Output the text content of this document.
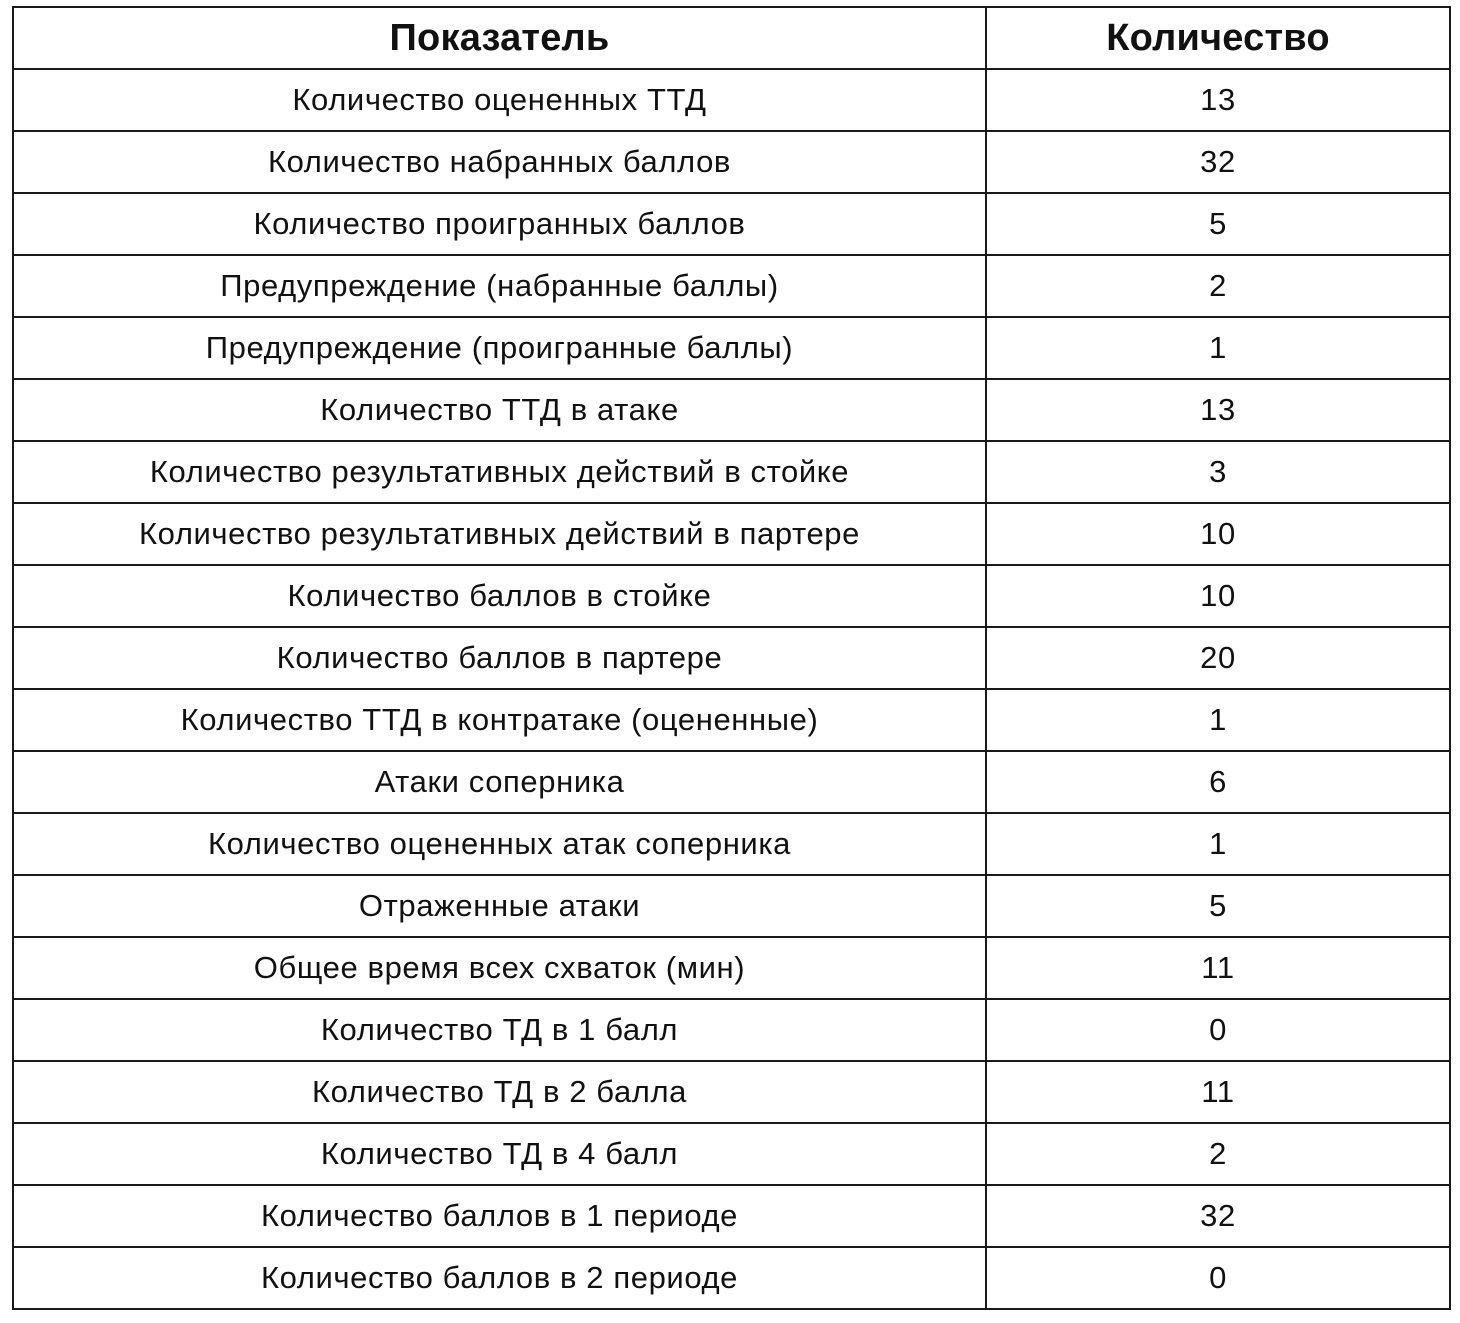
Показатель	Количество
Количество оцененных ТТД	13
Количество набранных баллов	32
Количество проигранных баллов	5
Предупреждение (набранные баллы)	2
Предупреждение (проигранные баллы)	1
Количество ТТД в атаке	13
Количество результативных действий в стойке	3
Количество результативных действий в партере	10
Количество баллов в стойке	10
Количество баллов в партере	20
Количество ТТД в контратаке (оцененные)	1
Атаки соперника	6
Количество оцененных атак соперника	1
Отраженные атаки	5
Общее время всех схваток (мин)	11
Количество ТД в 1 балл	0
Количество ТД в 2 балла	11
Количество ТД в 4 балл	2
Количество баллов в 1 периоде	32
Количество баллов в 2 периоде	0
